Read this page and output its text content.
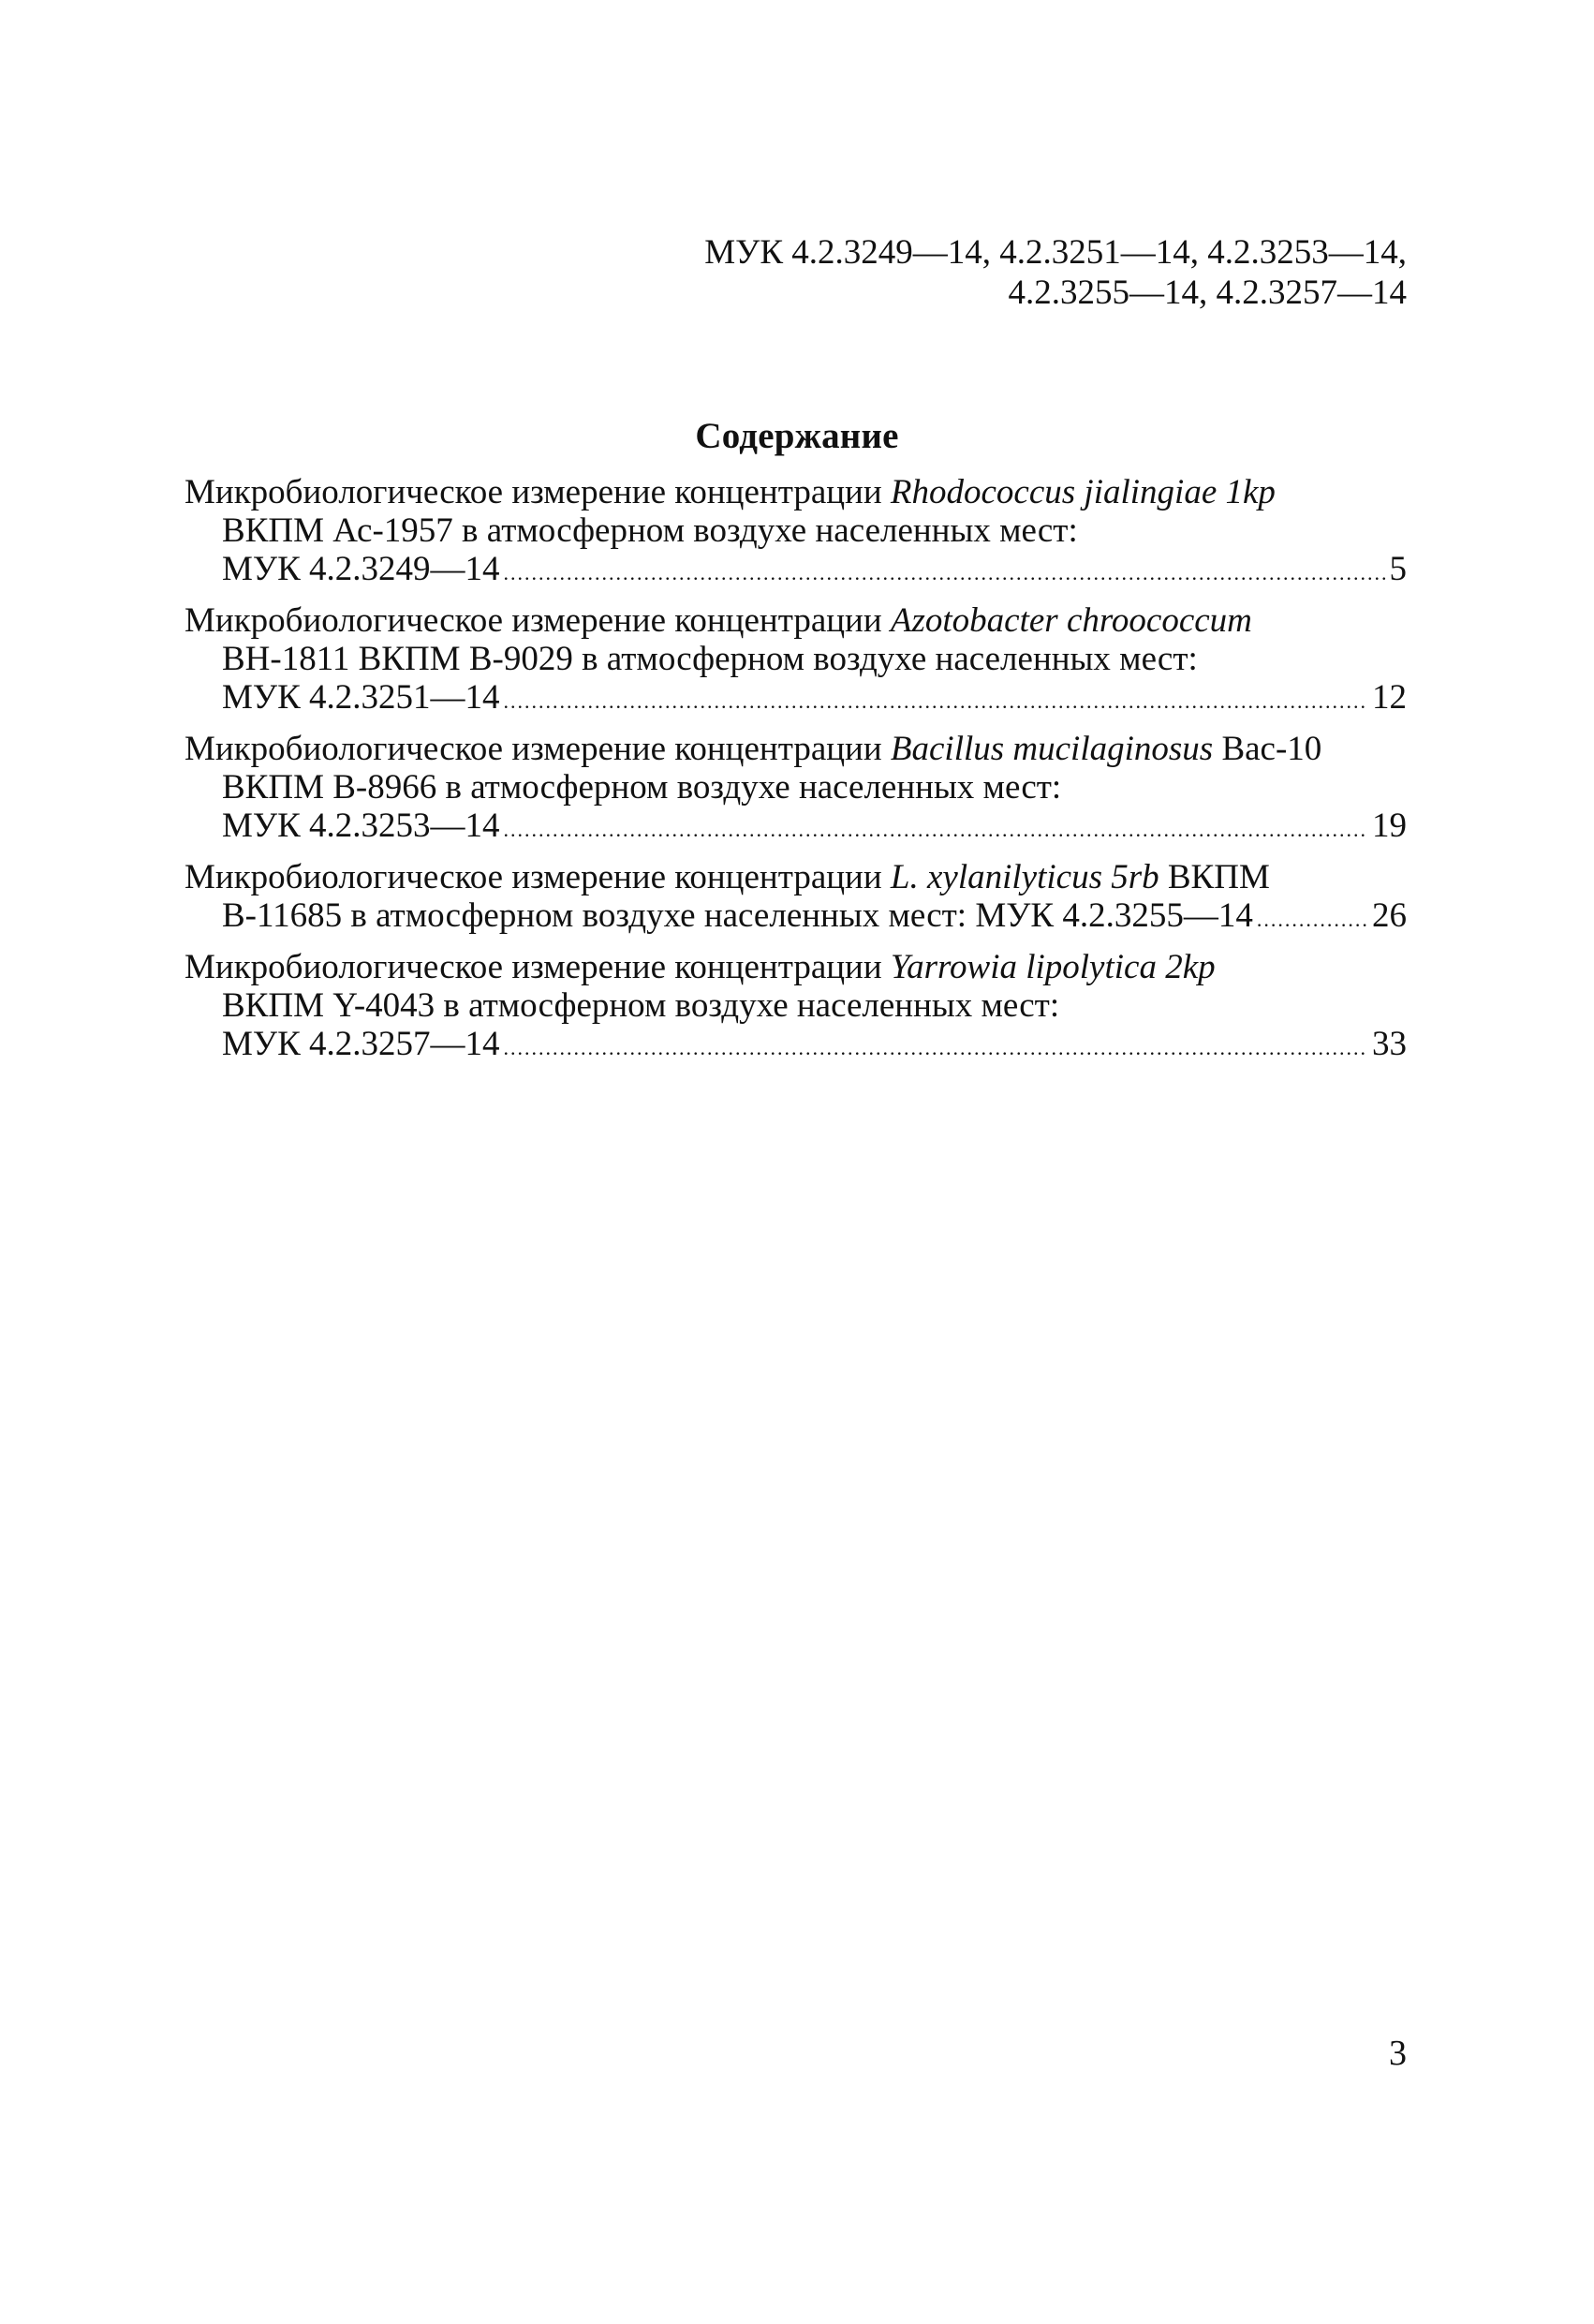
МУК 4.2.3249—14, 4.2.3251—14, 4.2.3253—14,
4.2.3255—14, 4.2.3257—14
Содержание
Микробиологическое измерение концентрации Rhodococcus jialingiae 1kp
ВКПМ Ас-1957 в атмосферном воздухе населенных мест:
МУК 4.2.3249—14 .....	5
Микробиологическое измерение концентрации Azotobacter chroococcum
ВН-1811 ВКПМ В-9029 в атмосферном воздухе населенных мест:
МУК 4.2.3251—14 .....	12
Микробиологическое измерение концентрации Bacillus mucilaginosus Bac-10
ВКПМ В-8966 в атмосферном воздухе населенных мест:
МУК 4.2.3253—14 .....	19
Микробиологическое измерение концентрации L. xylanilyticus 5rb ВКПМ
В-11685 в атмосферном воздухе населенных мест: МУК 4.2.3255—14 .....	26
Микробиологическое измерение концентрации Yarrowia lipolytica 2kp
ВКПМ Y-4043 в атмосферном воздухе населенных мест:
МУК 4.2.3257—14 .....	33
3
